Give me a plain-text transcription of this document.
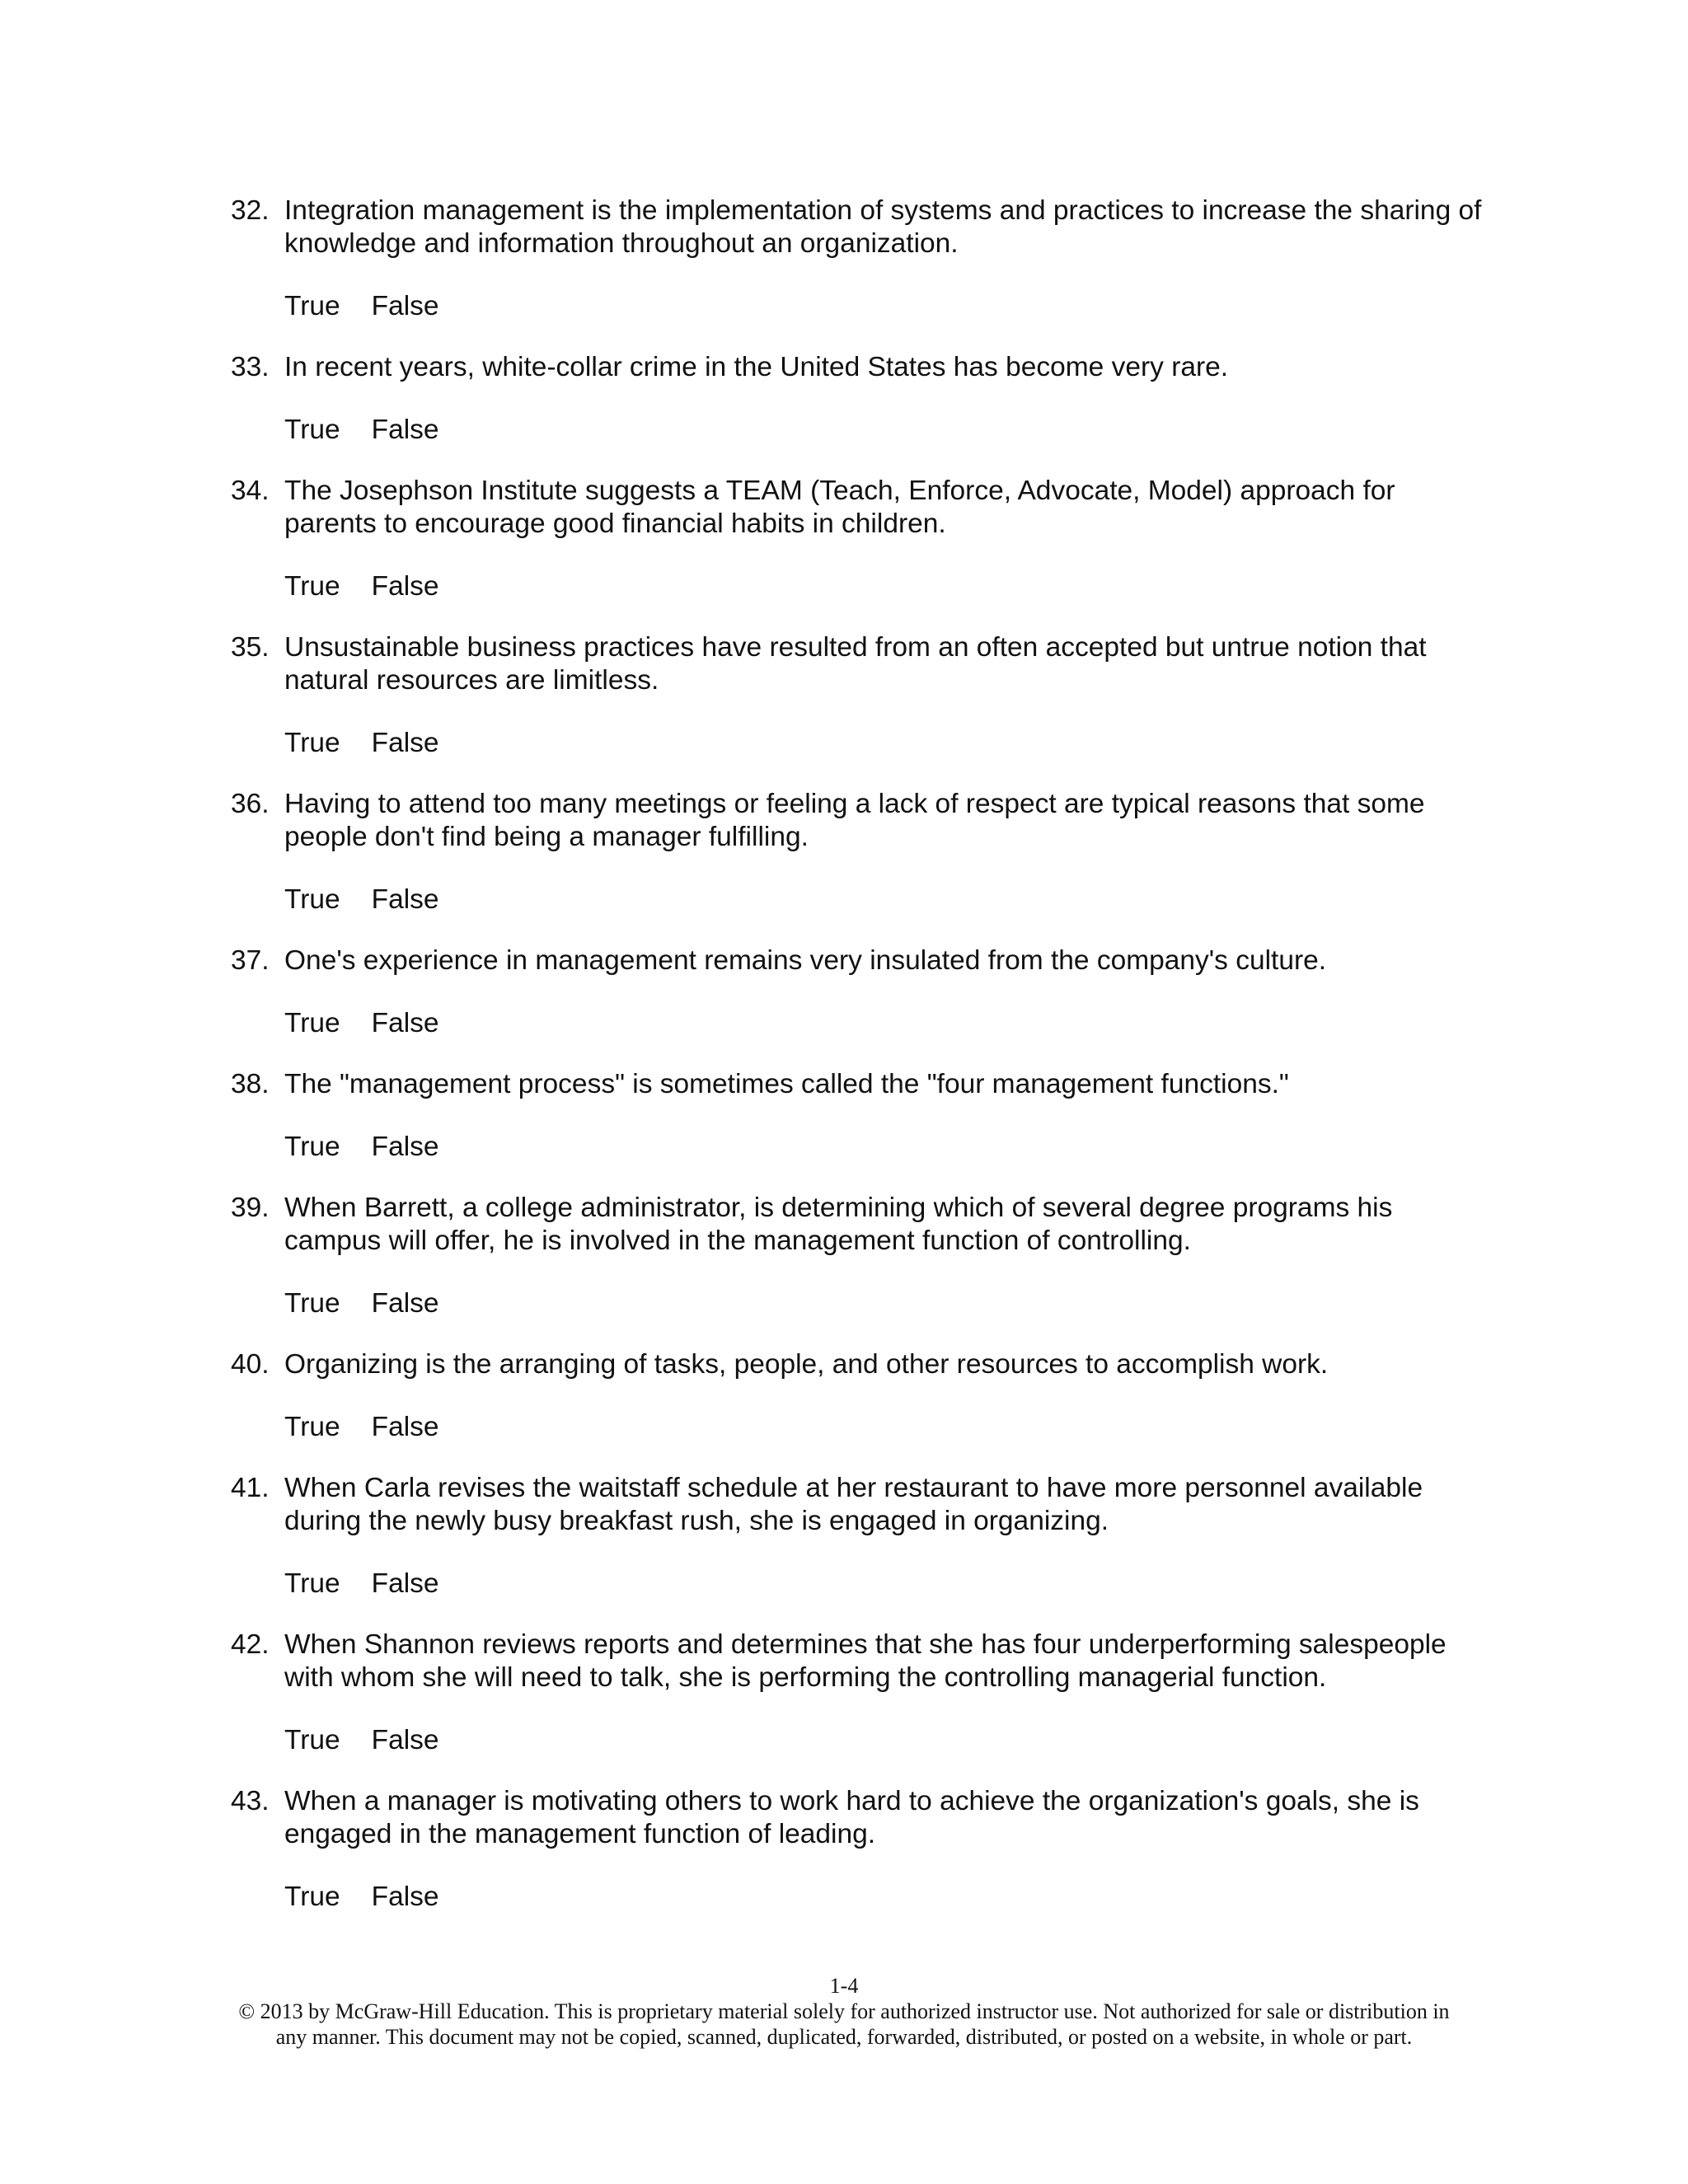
32. Integration management is the implementation of systems and practices to increase the sharing of knowledge and information throughout an organization.
True False
33. In recent years, white-collar crime in the United States has become very rare.
True False
34. The Josephson Institute suggests a TEAM (Teach, Enforce, Advocate, Model) approach for parents to encourage good financial habits in children.
True False
35. Unsustainable business practices have resulted from an often accepted but untrue notion that natural resources are limitless.
True False
36. Having to attend too many meetings or feeling a lack of respect are typical reasons that some people don't find being a manager fulfilling.
True False
37. One's experience in management remains very insulated from the company's culture.
True False
38. The "management process" is sometimes called the "four management functions."
True False
39. When Barrett, a college administrator, is determining which of several degree programs his campus will offer, he is involved in the management function of controlling.
True False
40. Organizing is the arranging of tasks, people, and other resources to accomplish work.
True False
41. When Carla revises the waitstaff schedule at her restaurant to have more personnel available during the newly busy breakfast rush, she is engaged in organizing.
True False
42. When Shannon reviews reports and determines that she has four underperforming salespeople with whom she will need to talk, she is performing the controlling managerial function.
True False
43. When a manager is motivating others to work hard to achieve the organization's goals, she is engaged in the management function of leading.
True False
1-4
© 2013 by McGraw-Hill Education. This is proprietary material solely for authorized instructor use. Not authorized for sale or distribution in
any manner. This document may not be copied, scanned, duplicated, forwarded, distributed, or posted on a website, in whole or part.
